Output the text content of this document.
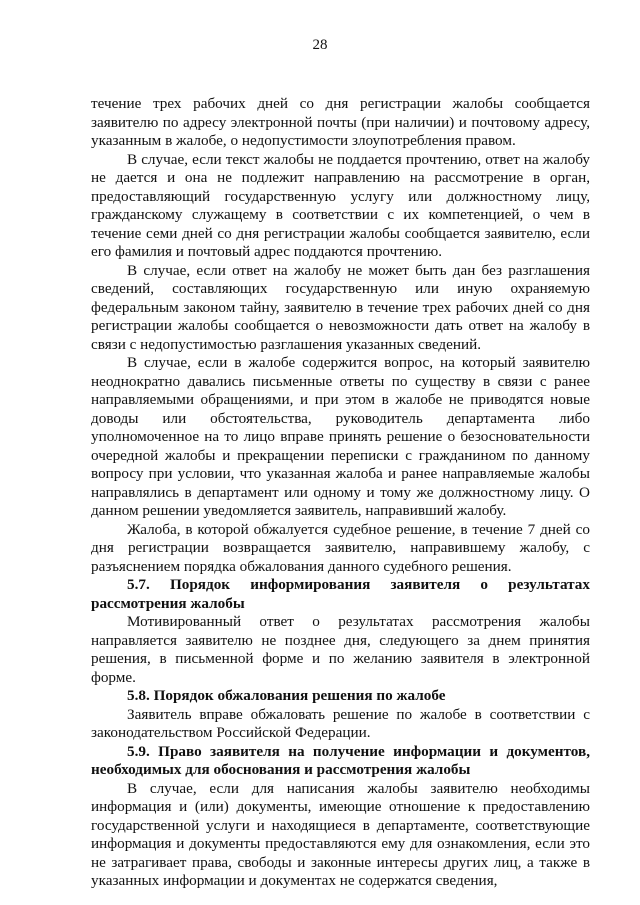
28

течение трех рабочих дней со дня регистрации жалобы сообщается заявителю по адресу электронной почты (при наличии) и почтовому адресу, указанным в жалобе, о недопустимости злоупотребления правом.

В случае, если текст жалобы не поддается прочтению, ответ на жалобу не дается и она не подлежит направлению на рассмотрение в орган, предоставляющий государственную услугу или должностному лицу, гражданскому служащему в соответствии с их компетенцией, о чем в течение семи дней со дня регистрации жалобы сообщается заявителю, если его фамилия и почтовый адрес поддаются прочтению.

В случае, если ответ на жалобу не может быть дан без разглашения сведений, составляющих государственную или иную охраняемую федеральным законом тайну, заявителю в течение трех рабочих дней со дня регистрации жалобы сообщается о невозможности дать ответ на жалобу в связи с недопустимостью разглашения указанных сведений.

В случае, если в жалобе содержится вопрос, на который заявителю неоднократно давались письменные ответы по существу в связи с ранее направляемыми обращениями, и при этом в жалобе не приводятся новые доводы или обстоятельства, руководитель департамента либо уполномоченное на то лицо вправе принять решение о безосновательности очередной жалобы и прекращении переписки с гражданином по данному вопросу при условии, что указанная жалоба и ранее направляемые жалобы направлялись в департамент или одному и тому же должностному лицу. О данном решении уведомляется заявитель, направивший жалобу.

Жалоба, в которой обжалуется судебное решение, в течение 7 дней со дня регистрации возвращается заявителю, направившему жалобу, с разъяснением порядка обжалования данного судебного решения.

5.7. Порядок информирования заявителя о результатах рассмотрения жалобы

Мотивированный ответ о результатах рассмотрения жалобы направляется заявителю не позднее дня, следующего за днем принятия решения, в письменной форме и по желанию заявителя в электронной форме.

5.8. Порядок обжалования решения по жалобе

Заявитель вправе обжаловать решение по жалобе в соответствии с законодательством Российской Федерации.

5.9. Право заявителя на получение информации и документов, необходимых для обоснования и рассмотрения жалобы

В случае, если для написания жалобы заявителю необходимы информация и (или) документы, имеющие отношение к предоставлению государственной услуги и находящиеся в департаменте, соответствующие информация и документы предоставляются ему для ознакомления, если это не затрагивает права, свободы и законные интересы других лиц, а также в указанных информации и документах не содержатся сведения,
